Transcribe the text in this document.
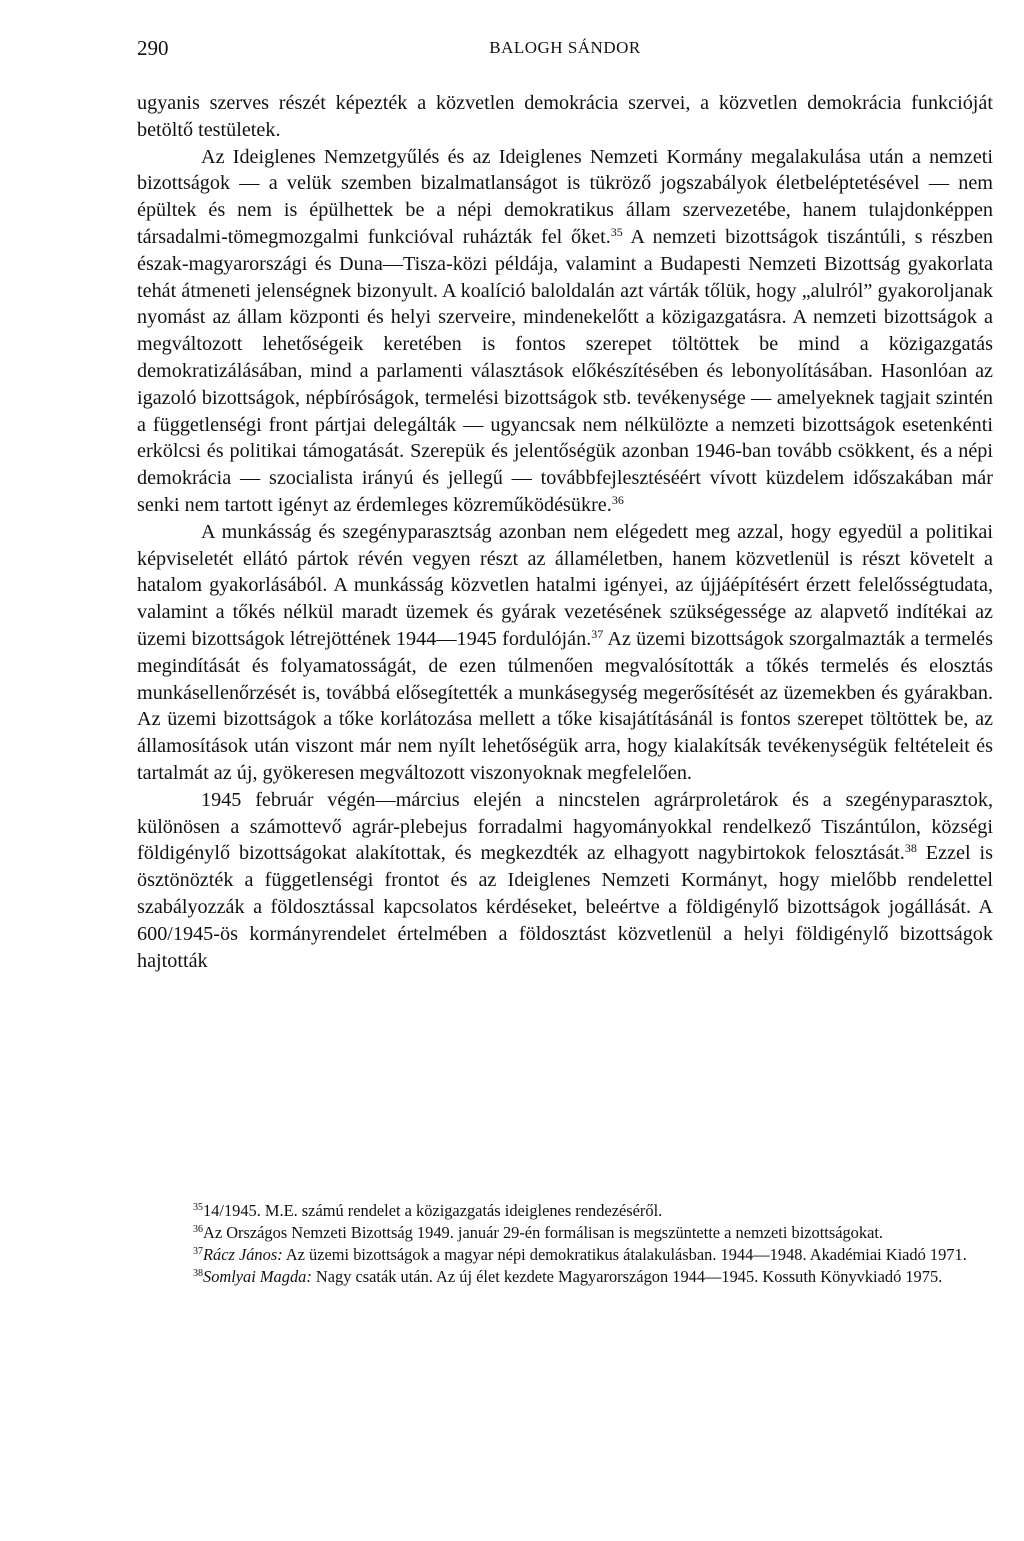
290	BALOGH SÁNDOR

ugyanis szerves részét képezték a közvetlen demokrácia szervei, a közvetlen demokrácia funkcióját betöltő testületek.

Az Ideiglenes Nemzetgyűlés és az Ideiglenes Nemzeti Kormány megalakulása után a nemzeti bizottságok — a velük szemben bizalmatlanságot is tükröző jogszabályok életbeléptetésével — nem épültek és nem is épülhettek be a népi demokratikus állam szervezetébe, hanem tulajdonképpen társadalmi-tömegmozgalmi funkcióval ruházták fel őket.$^{35}$ A nemzeti bizottságok tiszántúli, s részben észak-magyarországi és Duna—Tisza-közi példája, valamint a Budapesti Nemzeti Bizottság gyakorlata tehát átmeneti jelenségnek bizonyult. A koalíció baloldalán azt várták tőlük, hogy „alulról” gyakoroljanak nyomást az állam központi és helyi szerveire, mindenekelőtt a közigazgatásra. A nemzeti bizottságok a megváltozott lehetőségeik keretében is fontos szerepet töltöttek be mind a közigazgatás demokratizálásában, mind a parlamenti választások előkészítésében és lebonyolításában. Hasonlóan az igazoló bizottságok, népbíróságok, termelési bizottságok stb. tevékenysége — amelyeknek tagjait szintén a függetlenségi front pártjai delegálták — ugyancsak nem nélkülözte a nemzeti bizottságok esetenkénti erkölcsi és politikai támogatását. Szerepük és jelentőségük azonban 1946-ban tovább csökkent, és a népi demokrácia — szocialista irányú és jellegű — továbbfejlesztéséért vívott küzdelem időszakában már senki nem tartott igényt az érdemleges közreműködésükre.$^{36}$

A munkásság és szegényparasztság azonban nem elégedett meg azzal, hogy egyedül a politikai képviseletét ellátó pártok révén vegyen részt az államéletben, hanem közvetlenül is részt követelt a hatalom gyakorlásából. A munkásság közvetlen hatalmi igényei, az újjáépítésért érzett felelősségtudata, valamint a tőkés nélkül maradt üzemek és gyárak vezetésének szükségessége az alapvető indítékai az üzemi bizottságok létrejöttének 1944—1945 fordulóján.$^{37}$ Az üzemi bizottságok szorgalmazták a termelés megindítását és folyamatosságát, de ezen túlmenően megvalósították a tőkés termelés és elosztás munkásellenőrzését is, továbbá elősegítették a munkásegység megerősítését az üzemekben és gyárakban. Az üzemi bizottságok a tőke korlátozása mellett a tőke kisajátításánál is fontos szerepet töltöttek be, az államosítások után viszont már nem nyílt lehetőségük arra, hogy kialakítsák tevékenységük feltételeit és tartalmát az új, gyökeresen megváltozott viszonyoknak megfelelően.

1945 február végén—március elején a nincstelen agrárproletárok és a szegényparasztok, különösen a számottevő agrár-plebejus forradalmi hagyományokkal rendelkező Tiszántúlon, községi földigénylő bizottságokat alakítottak, és megkezdték az elhagyott nagybirtokok felosztását.$^{38}$ Ezzel is ösztönözték a függetlenségi frontot és az Ideiglenes Nemzeti Kormányt, hogy mielőbb rendelettel szabályozzák a földosztással kapcsolatos kérdéseket, beleértve a földigénylő bizottságok jogállását. A 600/1945-ös kormányrendelet értelmében a földosztást közvetlenül a helyi földigénylő bizottságok hajtották

$^{35}$14/1945. M.E. számú rendelet a közigazgatás ideiglenes rendezéséről.

$^{36}$Az Országos Nemzeti Bizottság 1949. január 29-én formálisan is megszüntette a nemzeti bizottságokat.

$^{37}$Rácz János: Az üzemi bizottságok a magyar népi demokratikus átalakulásban. 1944—1948. Akadémiai Kiadó 1971.

$^{38}$Somlyai Magda: Nagy csaták után. Az új élet kezdete Magyarországon 1944—1945. Kossuth Könyvkiadó 1975.
